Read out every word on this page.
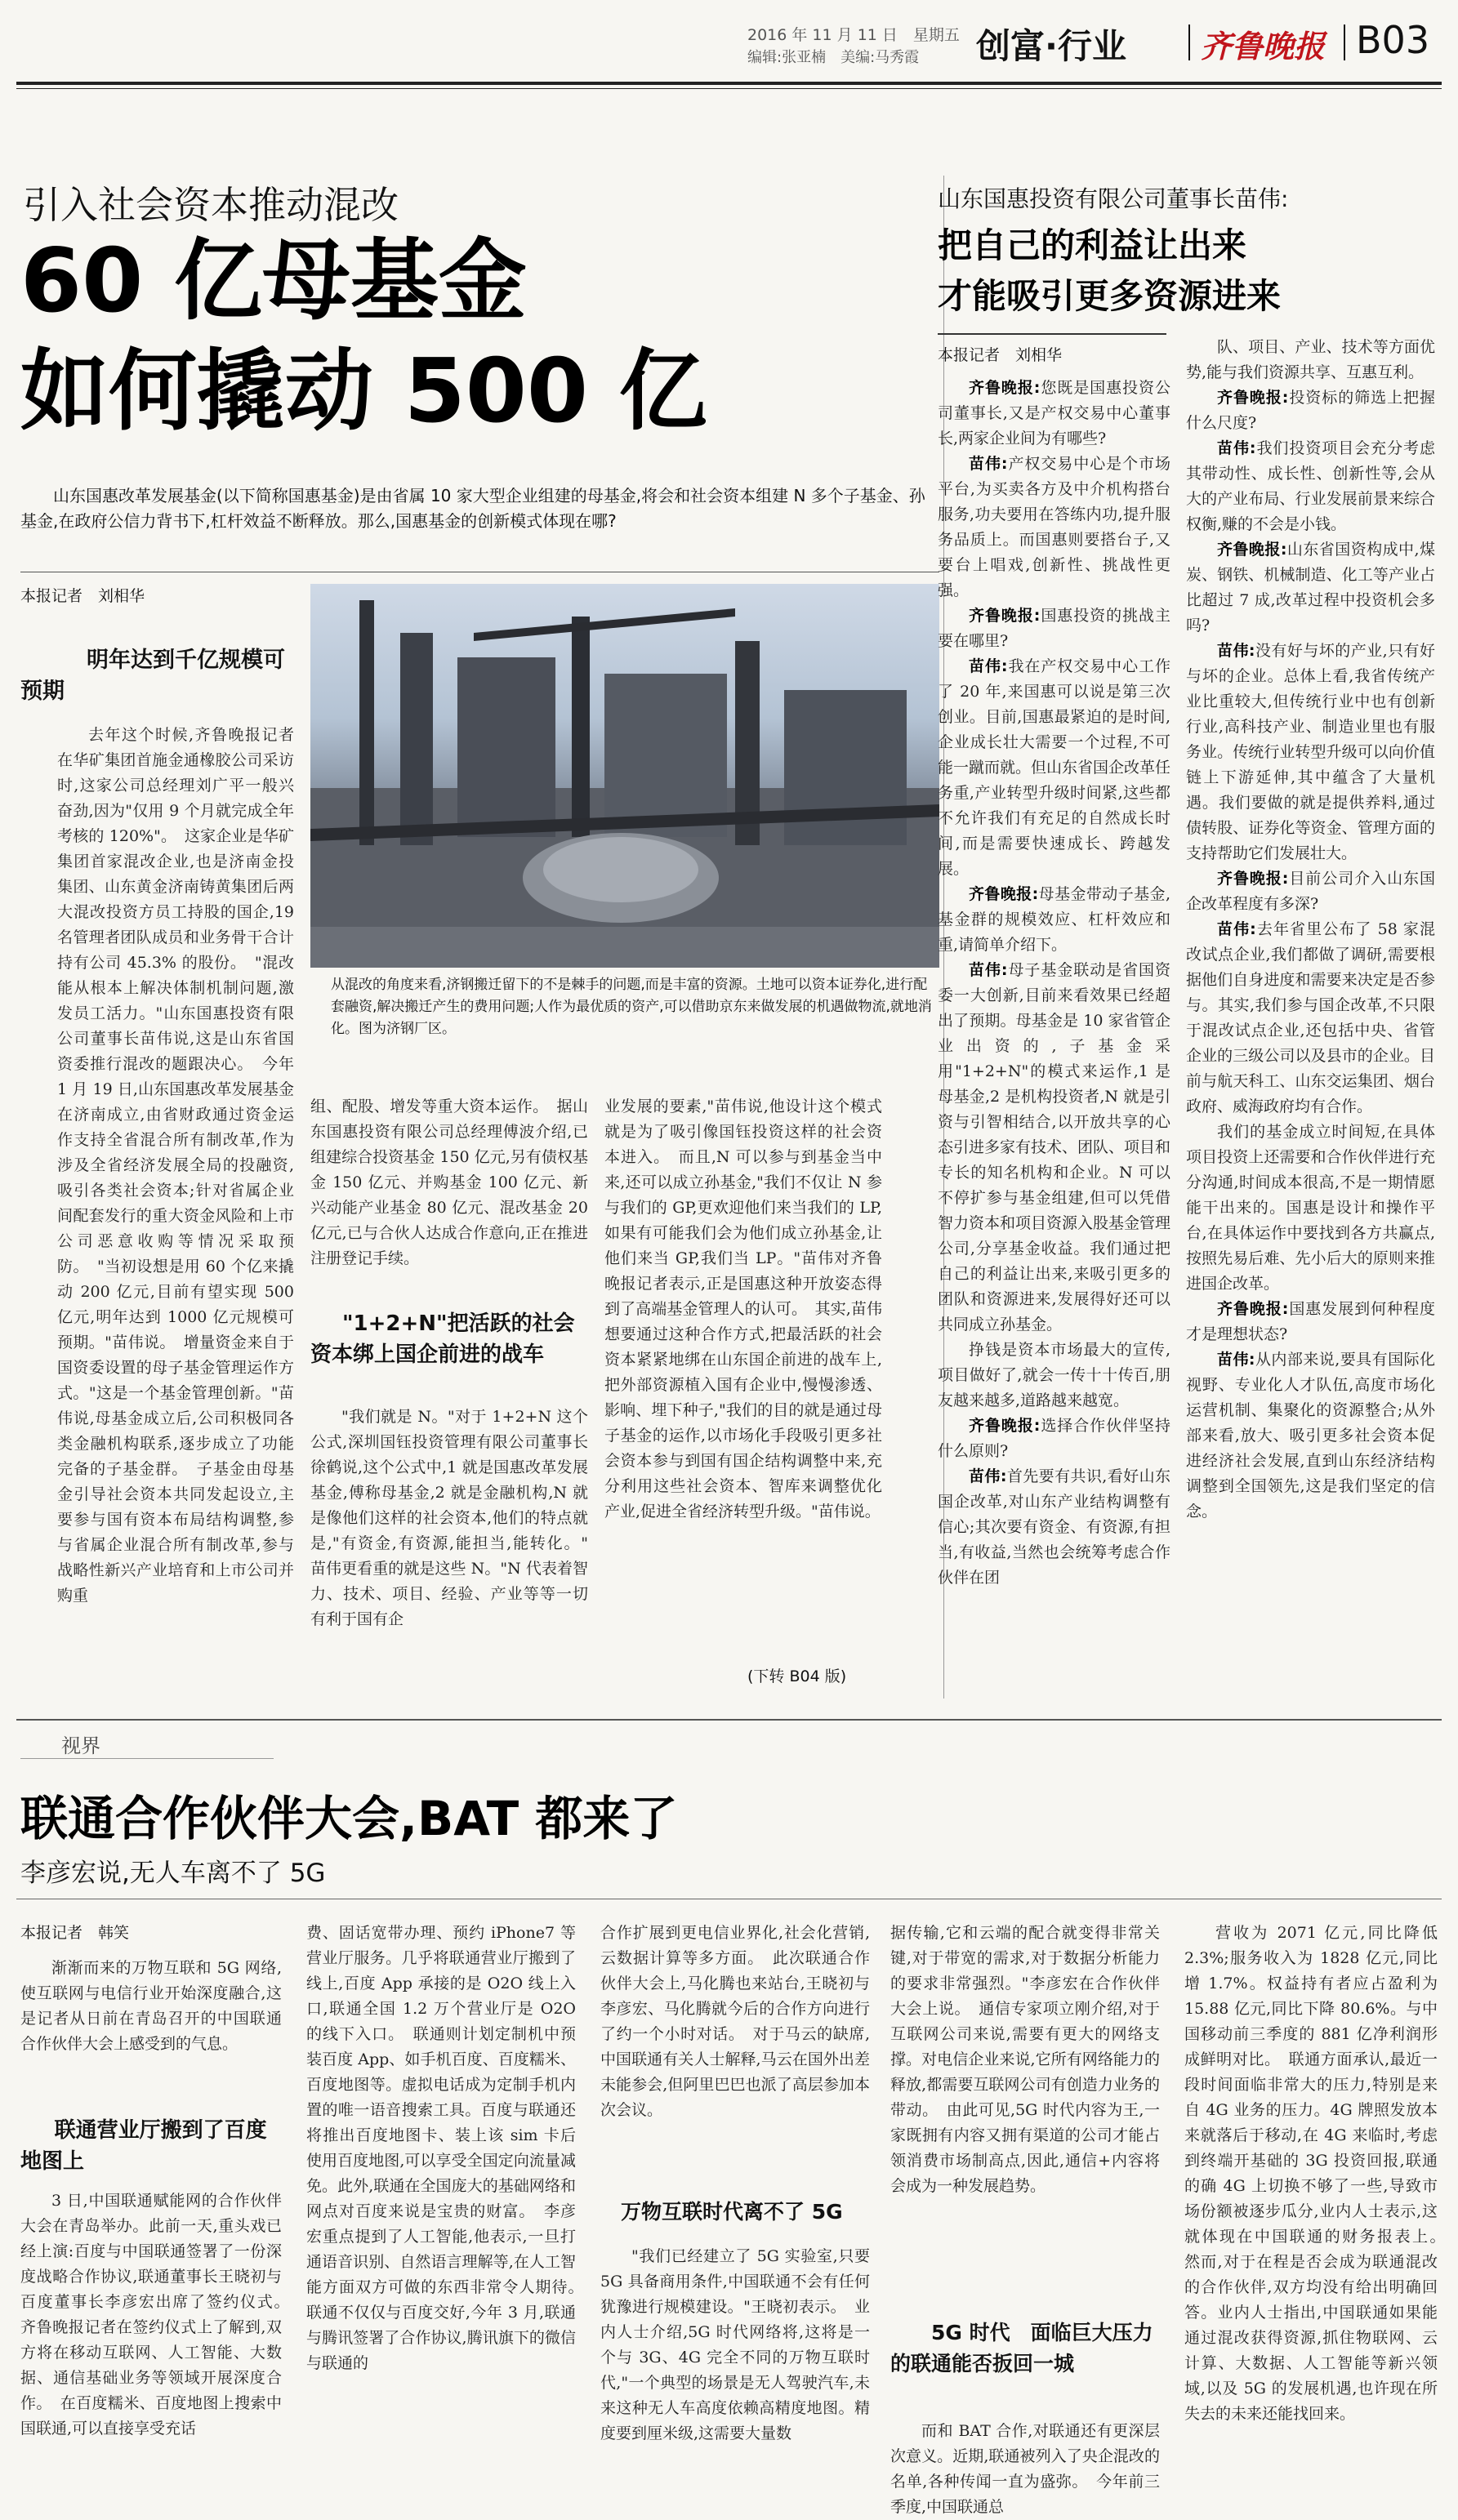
2016 年 11 月 11 日　星期五
编辑:张亚楠　美编:马秀霞 创富·行业 齐鲁晚报 B03
引入社会资本推动混改
60 亿母基金
如何撬动 500 亿
山东国惠改革发展基金(以下简称国惠基金)是由省属 10 家大型企业组建的母基金,将会和社会资本组建 N 多个子基金、孙基金,在政府公信力背书下,杠杆效益不断释放。那么,国惠基金的创新模式体现在哪?
本报记者　刘相华
明年达到千亿规模可预期

去年这个时候,齐鲁晚报记者在华矿集团首施金通橡胶公司采访时,这家公司总经理刘广平一般兴奋劲,因为"仅用 9 个月就完成全年考核的 120%"。　这家企业是华矿集团首家混改企业,也是济南金投集团、山东黄金济南铸黄集团后两大混改投资方员工持股的国企,19 名管理者团队成员和业务骨干合计持有公司 45.3% 的股份。　"混改能从根本上解决体制机制问题,激发员工活力。"山东国惠投资有限公司董事长苗伟说,这是山东省国资委推行混改的题跟决心。　今年 1 月 19 日,山东国惠改革发展基金在济南成立,由省财政通过资金运作支持全省混合所有制改革,作为涉及全省经济发展全局的投融资,吸引各类社会资本;针对省属企业间配套发行的重大资金风险和上市公司恶意收购等情况采取预防。　"当初设想是用 60 个亿来撬动 200 亿元,目前有望实现 500 亿元,明年达到 1000 亿元规模可预期。"苗伟说。　增量资金来自于国资委设置的母子基金管理运作方式。"这是一个基金管理创新。"苗伟说,母基金成立后,公司积极同各类金融机构联系,逐步成立了功能完备的子基金群。　子基金由母基金引导社会资本共同发起设立,主要参与国有资本布局结构调整,参与省属企业混合所有制改革,参与战略性新兴产业培育和上市公司并购重

从混改的角度来看,济钢搬迁留下的不是棘手的问题,而是丰富的资源。土地可以资本证券化,进行配套融资,解决搬迁产生的费用问题;人作为最优质的资产,可以借助京东来做发展的机遇做物流,就地消化。图为济钢厂区。

组、配股、增发等重大资本运作。　据山东国惠投资有限公司总经理傅波介绍,已组建综合投资基金 150 亿元,另有债权基金 150 亿元、并购基金 100 亿元、新兴动能产业基金 80 亿元、混改基金 20 亿元,已与合伙人达成合作意向,正在推进注册登记手续。

"1+2+N"把活跃的社会资本绑上国企前进的战车

"我们就是 N。"对于 1+2+N 这个公式,深圳国钰投资管理有限公司董事长徐鹤说,这个公式中,1 就是国惠改革发展基金,傅称母基金,2 就是金融机构,N 就是像他们这样的社会资本,他们的特点就是,"有资金,有资源,能担当,能转化。"　苗伟更看重的就是这些 N。"N 代表着智力、技术、项目、经验、产业等等一切有利于国有企

业发展的要素,"苗伟说,他设计这个模式就是为了吸引像国钰投资这样的社会资本进入。　而且,N 可以参与到基金当中来,还可以成立孙基金,"我们不仅让 N 参与我们的 GP,更欢迎他们来当我们的 LP,如果有可能我们会为他们成立孙基金,让他们来当 GP,我们当 LP。"苗伟对齐鲁晚报记者表示,正是国惠这种开放姿态得到了高端基金管理人的认可。　其实,苗伟想要通过这种合作方式,把最活跃的社会资本紧紧地绑在山东国企前进的战车上,把外部资源植入国有企业中,慢慢渗透、影响、埋下种子,"我们的目的就是通过母子基金的运作,以市场化手段吸引更多社会资本参与到国有国企结构调整中来,充分利用这些社会资本、智库来调整优化产业,促进全省经济转型升级。"苗伟说。

(下转 B04 版)
山东国惠投资有限公司董事长苗伟:
把自己的利益让出来
才能吸引更多资源进来
本报记者　刘相华

齐鲁晚报:您既是国惠投资公司董事长,又是产权交易中心董事长,两家企业间为有哪些?

苗伟:产权交易中心是个市场平台,为买卖各方及中介机构搭台服务,功夫要用在答练内功,提升服务品质上。而国惠则要搭台子,又要台上唱戏,创新性、挑战性更强。

齐鲁晚报:国惠投资的挑战主要在哪里?

苗伟:我在产权交易中心工作了 20 年,来国惠可以说是第三次创业。目前,国惠最紧迫的是时间,企业成长壮大需要一个过程,不可能一蹴而就。但山东省国企改革任务重,产业转型升级时间紧,这些都不允许我们有充足的自然成长时间,而是需要快速成长、跨越发展。

齐鲁晚报:母基金带动子基金,基金群的规模效应、杠杆效应和重,请简单介绍下。

苗伟:母子基金联动是省国资委一大创新,目前来看效果已经超出了预期。母基金是 10 家省管企业出资的,子基金采用"1+2+N"的模式来运作,1 是母基金,2 是机构投资者,N 就是引资与引智相结合,以开放共享的心态引进多家有技术、团队、项目和专长的知名机构和企业。N 可以不停扩参与基金组建,但可以凭借智力资本和项目资源入股基金管理公司,分享基金收益。我们通过把自己的利益让出来,来吸引更多的团队和资源进来,发展得好还可以共同成立孙基金。

挣钱是资本市场最大的宣传,项目做好了,就会一传十十传百,朋友越来越多,道路越来越宽。

齐鲁晚报:选择合作伙伴坚持什么原则?

苗伟:首先要有共识,看好山东国企改革,对山东产业结构调整有信心;其次要有资金、有资源,有担当,有收益,当然也会统筹考虑合作伙伴在团

队、项目、产业、技术等方面优势,能与我们资源共享、互惠互利。

齐鲁晚报:投资标的筛选上把握什么尺度?

苗伟:我们投资项目会充分考虑其带动性、成长性、创新性等,会从大的产业布局、行业发展前景来综合权衡,赚的不会是小钱。

齐鲁晚报:山东省国资构成中,煤炭、钢铁、机械制造、化工等产业占比超过 7 成,改革过程中投资机会多吗?

苗伟:没有好与坏的产业,只有好与坏的企业。总体上看,我省传统产业比重较大,但传统行业中也有创新行业,高科技产业、制造业里也有服务业。传统行业转型升级可以向价值链上下游延伸,其中蕴含了大量机遇。我们要做的就是提供养料,通过债转股、证券化等资金、管理方面的支持帮助它们发展壮大。

齐鲁晚报:目前公司介入山东国企改革程度有多深?

苗伟:去年省里公布了 58 家混改试点企业,我们都做了调研,需要根据他们自身进度和需要来决定是否参与。其实,我们参与国企改革,不只限于混改试点企业,还包括中央、省管企业的三级公司以及县市的企业。目前与航天科工、山东交运集团、烟台政府、威海政府均有合作。

我们的基金成立时间短,在具体项目投资上还需要和合作伙伴进行充分沟通,时间成本很高,不是一期情愿能干出来的。国惠是设计和操作平台,在具体运作中要找到各方共赢点,按照先易后难、先小后大的原则来推进国企改革。

齐鲁晚报:国惠发展到何种程度才是理想状态?

苗伟:从内部来说,要具有国际化视野、专业化人才队伍,高度市场化运营机制、集聚化的资源整合;从外部来看,放大、吸引更多社会资本促进经济社会发展,直到山东经济结构调整到全国领先,这是我们坚定的信念。

视界
联通合作伙伴大会,BAT 都来了
李彦宏说,无人车离不了 5G
本报记者　韩笑

渐渐而来的万物互联和 5G 网络,使互联网与电信行业开始深度融合,这是记者从日前在青岛召开的中国联通合作伙伴大会上感受到的气息。

联通营业厅搬到了百度地图上

3 日,中国联通赋能网的合作伙伴大会在青岛举办。此前一天,重头戏已经上演:百度与中国联通签署了一份深度战略合作协议,联通董事长王晓初与百度董事长李彦宏出席了签约仪式。　齐鲁晚报记者在签约仪式上了解到,双方将在移动互联网、人工智能、大数据、通信基础业务等领域开展深度合作。　在百度糯米、百度地图上搜索中国联通,可以直接享受充话

费、固话宽带办理、预约 iPhone7 等营业厅服务。几乎将联通营业厅搬到了线上,百度 App 承接的是 O2O 线上入口,联通全国 1.2 万个营业厅是 O2O 的线下入口。　联通则计划定制机中预装百度 App、如手机百度、百度糯米、百度地图等。虚拟电话成为定制手机内置的唯一语音搜索工具。百度与联通还将推出百度地图卡、装上该 sim 卡后使用百度地图,可以享受全国定向流量减免。此外,联通在全国庞大的基础网络和网点对百度来说是宝贵的财富。　李彦宏重点提到了人工智能,他表示,一旦打通语音识别、自然语言理解等,在人工智能方面双方可做的东西非常令人期待。　联通不仅仅与百度交好,今年 3 月,联通与腾讯签署了合作协议,腾讯旗下的微信与联通的

合作扩展到更电信业界化,社会化营销,云数据计算等多方面。　此次联通合作伙伴大会上,马化腾也来站台,王晓初与李彦宏、马化腾就今后的合作方向进行了约一个小时对话。　对于马云的缺席,中国联通有关人士解释,马云在国外出差未能参会,但阿里巴巴也派了高层参加本次会议。

万物互联时代离不了 5G

"我们已经建立了 5G 实验室,只要 5G 具备商用条件,中国联通不会有任何犹豫进行规模建设。"王晓初表示。　业内人士介绍,5G 时代网络将,这将是一个与 3G、4G 完全不同的万物互联时代,"一个典型的场景是无人驾驶汽车,未来这种无人车高度依赖高精度地图。精度要到厘米级,这需要大量数

据传输,它和云端的配合就变得非常关键,对于带宽的需求,对于数据分析能力的要求非常强烈。"李彦宏在合作伙伴大会上说。　通信专家项立刚介绍,对于互联网公司来说,需要有更大的网络支撑。对电信企业来说,它所有网络能力的释放,都需要互联网公司有创造力业务的带动。　由此可见,5G 时代内容为王,一家既拥有内容又拥有渠道的公司才能占领消费市场制高点,因此,通信+内容将会成为一种发展趋势。

5G 时代　面临巨大压力的联通能否扳回一城

而和 BAT 合作,对联通还有更深层次意义。近期,联通被列入了央企混改的名单,各种传闻一直为盛弥。　今年前三季度,中国联通总

营收为 2071 亿元,同比降低 2.3%;服务收入为 1828 亿元,同比增 1.7%。权益持有者应占盈利为 15.88 亿元,同比下降 80.6%。与中国移动前三季度的 881 亿净利润形成鲜明对比。　联通方面承认,最近一段时间面临非常大的压力,特别是来自 4G 业务的压力。4G 牌照发放本来就落后于移动,在 4G 来临时,考虑到终端开基础的 3G 投资回报,联通的确 4G 上切换不够了一些,导致市场份额被逐步瓜分,业内人士表示,这就体现在中国联通的财务报表上。　然而,对于在程是否会成为联通混改的合作伙伴,双方均没有给出明确回答。业内人士指出,中国联通如果能通过混改获得资源,抓住物联网、云计算、大数据、人工智能等新兴领域,以及 5G 的发展机遇,也许现在所失去的未来还能找回来。
